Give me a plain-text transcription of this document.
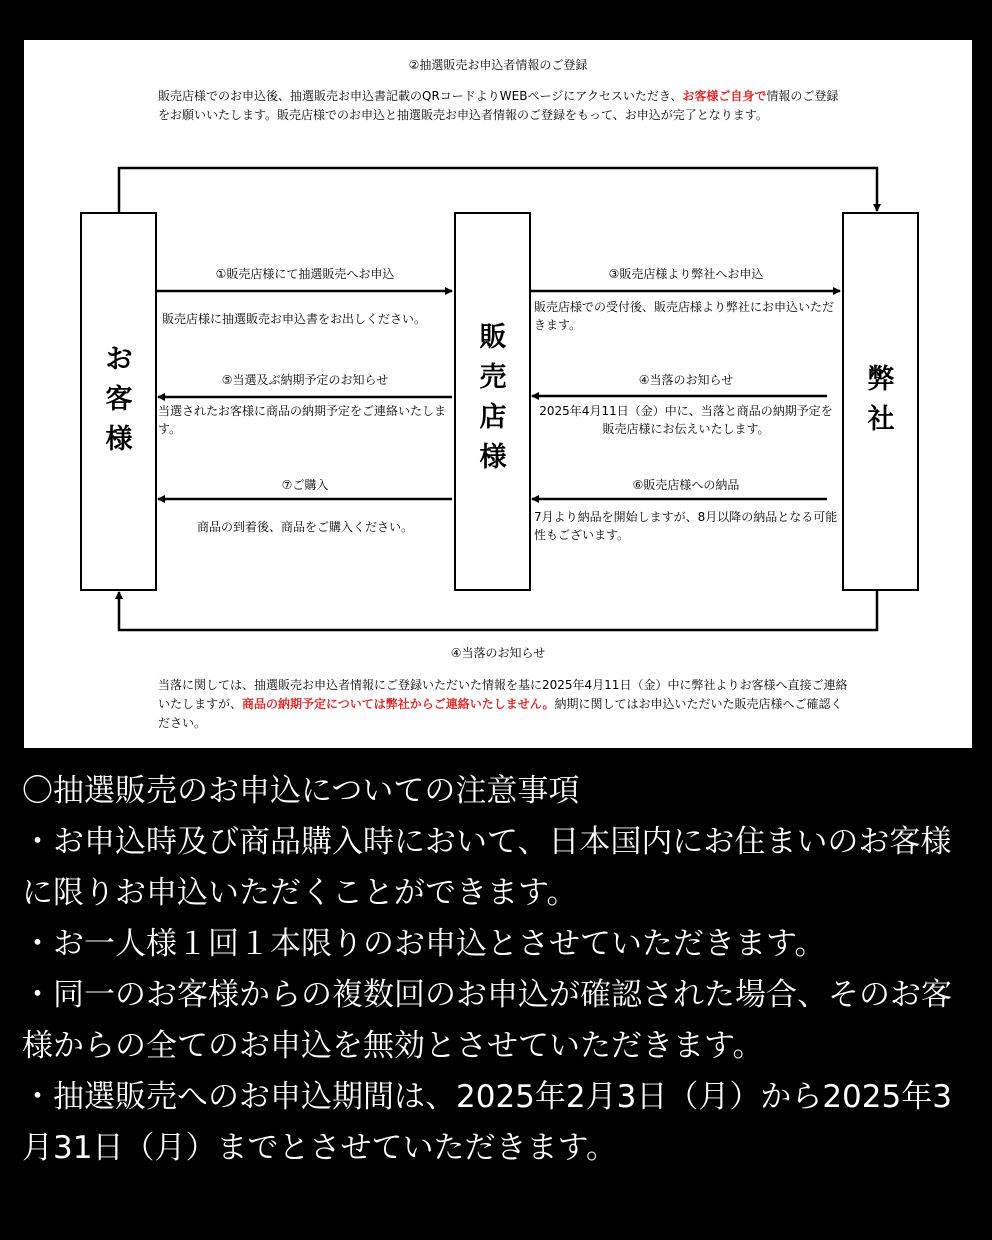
②抽選販売お申込者情報のご登録
販売店様でのお申込後、抽選販売お申込書記載のQRコードよりWEBページにアクセスいただき、お客様ご自身で情報のご登録をお願いいたします。販売店様でのお申込と抽選販売お申込者情報のご登録をもって、お申込が完了となります。
お客様
販売店様
弊社
①販売店様にて抽選販売へお申込
販売店様に抽選販売お申込書をお出しください。
⑤当選及ぶ納期予定のお知らせ
当選されたお客様に商品の納期予定をご連絡いたします。
⑦ご購入
商品の到着後、商品をご購入ください。
③販売店様より弊社へお申込
販売店様での受付後、販売店様より弊社にお申込いただきます。
④当落のお知らせ
2025年4月11日（金）中に、当落と商品の納期予定を販売店様にお伝えいたします。
⑥販売店様への納品
7月より納品を開始しますが、8月以降の納品となる可能性もございます。
④当落のお知らせ
当落に関しては、抽選販売お申込者情報にご登録いただいた情報を基に2025年4月11日（金）中に弊社よりお客様へ直接ご連絡いたしますが、商品の納期予定については弊社からご連絡いたしません。納期に関してはお申込いただいた販売店様へご確認ください。

〇抽選販売のお申込についての注意事項

・お申込時及び商品購入時において、日本国内にお住まいのお客様に限りお申込いただくことができます。

・お一人様１回１本限りのお申込とさせていただきます。

・同一のお客様からの複数回のお申込が確認された場合、そのお客様からの全てのお申込を無効とさせていただきます。

・抽選販売へのお申込期間は、2025年2月3日（月）から2025年3月31日（月）までとさせていただきます。
